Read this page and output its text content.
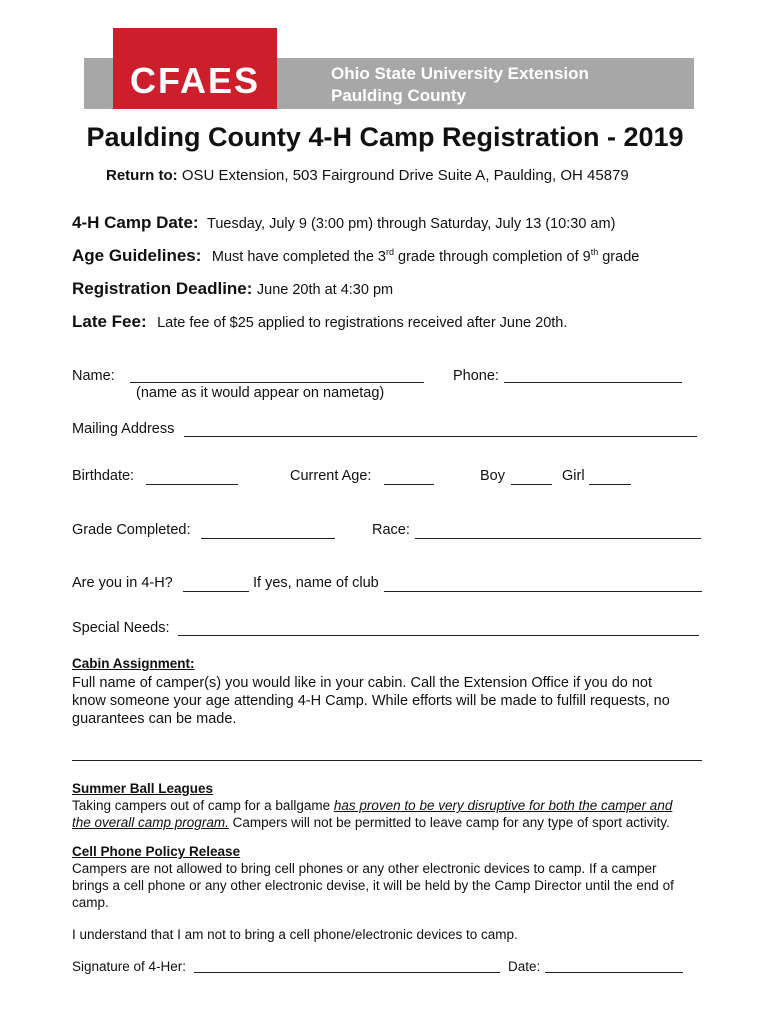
CFAES	Ohio State University Extension
Paulding County
Paulding County 4-H Camp Registration - 2019
Return to: OSU Extension, 503 Fairground Drive Suite A, Paulding, OH 45879
4-H Camp Date: Tuesday, July 9 (3:00 pm) through Saturday, July 13 (10:30 am)
Age Guidelines: Must have completed the 3rd grade through completion of 9th grade
Registration Deadline: June 20th at 4:30 pm
Late Fee: Late fee of $25 applied to registrations received after June 20th.
Name:
(name as it would appear on nametag)
Phone:
Mailing Address
Birthdate:	Current Age:	Boy	Girl
Grade Completed:	Race:
Are you in 4-H?	If yes, name of club
Special Needs:
Cabin Assignment:
Full name of camper(s) you would like in your cabin. Call the Extension Office if you do not
know someone your age attending 4-H Camp. While efforts will be made to fulfill requests, no
guarantees can be made.
Summer Ball Leagues
Taking campers out of camp for a ballgame has proven to be very disruptive for both the camper and
the overall camp program. Campers will not be permitted to leave camp for any type of sport activity.
Cell Phone Policy Release
Campers are not allowed to bring cell phones or any other electronic devices to camp. If a camper
brings a cell phone or any other electronic devise, it will be held by the Camp Director until the end of
camp.
I understand that I am not to bring a cell phone/electronic devices to camp.
Signature of 4-Her:	Date:
